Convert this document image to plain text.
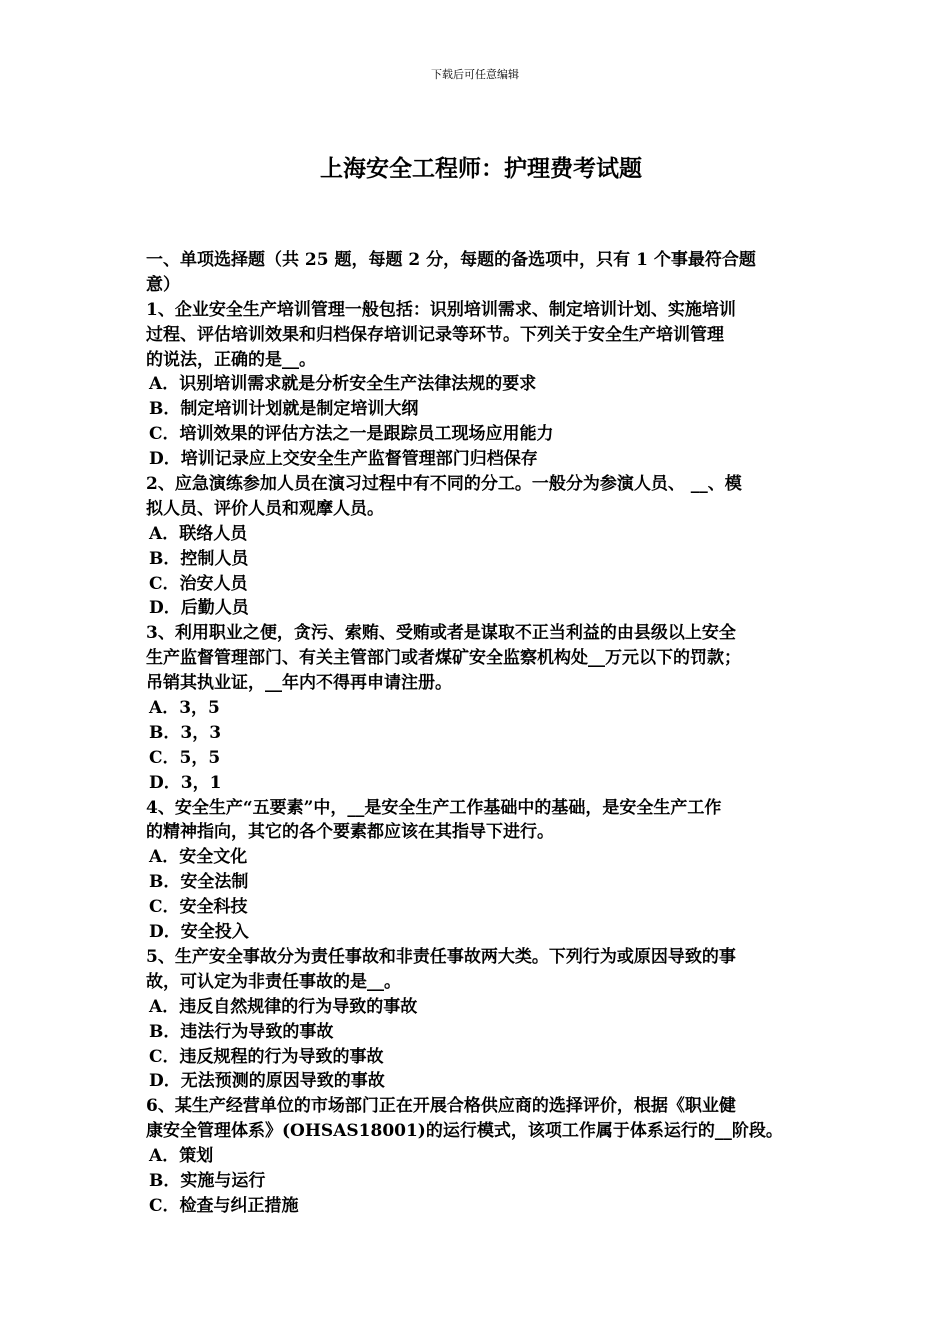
下载后可任意编辑
上海安全工程师：护理费考试题
一、单项选择题（共 25 题，每题 2 分，每题的备选项中，只有 1 个事最符合题
意）
1、企业安全生产培训管理一般包括：识别培训需求、制定培训计划、实施培训
过程、评估培训效果和归档保存培训记录等环节。下列关于安全生产培训管理
的说法，正确的是__。
A．识别培训需求就是分析安全生产法律法规的要求
B．制定培训计划就是制定培训大纲
C．培训效果的评估方法之一是跟踪员工现场应用能力
D．培训记录应上交安全生产监督管理部门归档保存
2、应急演练参加人员在演习过程中有不同的分工。一般分为参演人员、 __、模
拟人员、评价人员和观摩人员。
A．联络人员
B．控制人员
C．治安人员
D．后勤人员
3、利用职业之便，贪污、索贿、受贿或者是谋取不正当利益的由县级以上安全
生产监督管理部门、有关主管部门或者煤矿安全监察机构处__万元以下的罚款；
吊销其执业证，__年内不得再申请注册。
A．3，5
B．3，3
C．5，5
D．3，1
4、安全生产“五要素”中，__是安全生产工作基础中的基础，是安全生产工作
的精神指向，其它的各个要素都应该在其指导下进行。
A．安全文化
B．安全法制
C．安全科技
D．安全投入
5、生产安全事故分为责任事故和非责任事故两大类。下列行为或原因导致的事
故，可认定为非责任事故的是__。
A．违反自然规律的行为导致的事故
B．违法行为导致的事故
C．违反规程的行为导致的事故
D．无法预测的原因导致的事故
6、某生产经营单位的市场部门正在开展合格供应商的选择评价，根据《职业健
康安全管理体系》(OHSAS18001)的运行模式，该项工作属于体系运行的__阶段。
A．策划
B．实施与运行
C．检查与纠正措施
